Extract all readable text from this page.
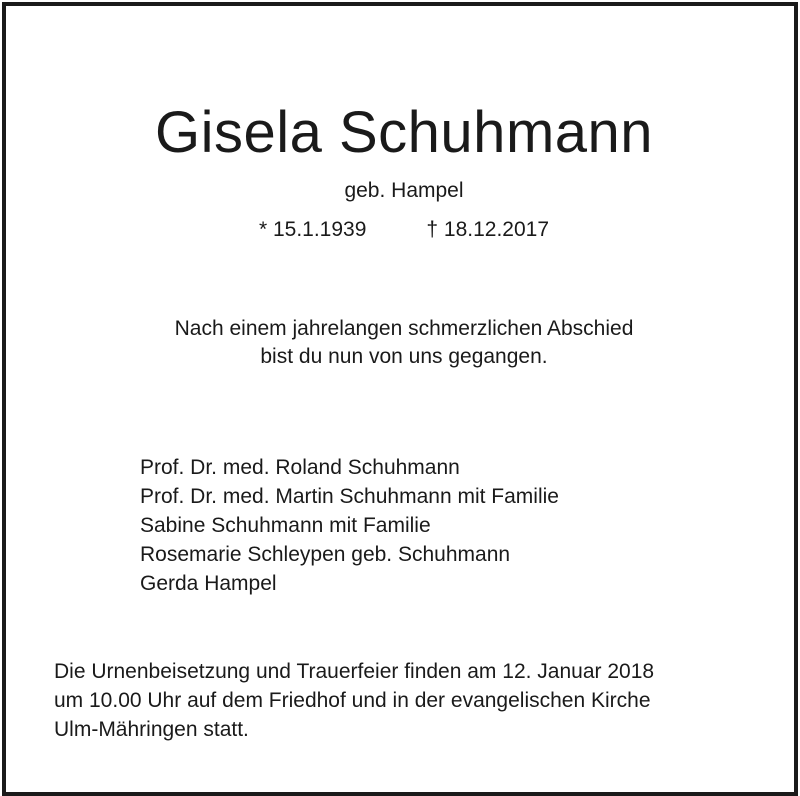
Gisela Schuhmann
geb. Hampel
* 15.1.1939	† 18.12.2017
Nach einem jahrelangen schmerzlichen Abschied
bist du nun von uns gegangen.
Prof. Dr. med. Roland Schuhmann
Prof. Dr. med. Martin Schuhmann mit Familie
Sabine Schuhmann mit Familie
Rosemarie Schleypen geb. Schuhmann
Gerda Hampel
Die Urnenbeisetzung und Trauerfeier finden am 12. Januar 2018
um 10.00 Uhr auf dem Friedhof und in der evangelischen Kirche
Ulm-Mähringen statt.
